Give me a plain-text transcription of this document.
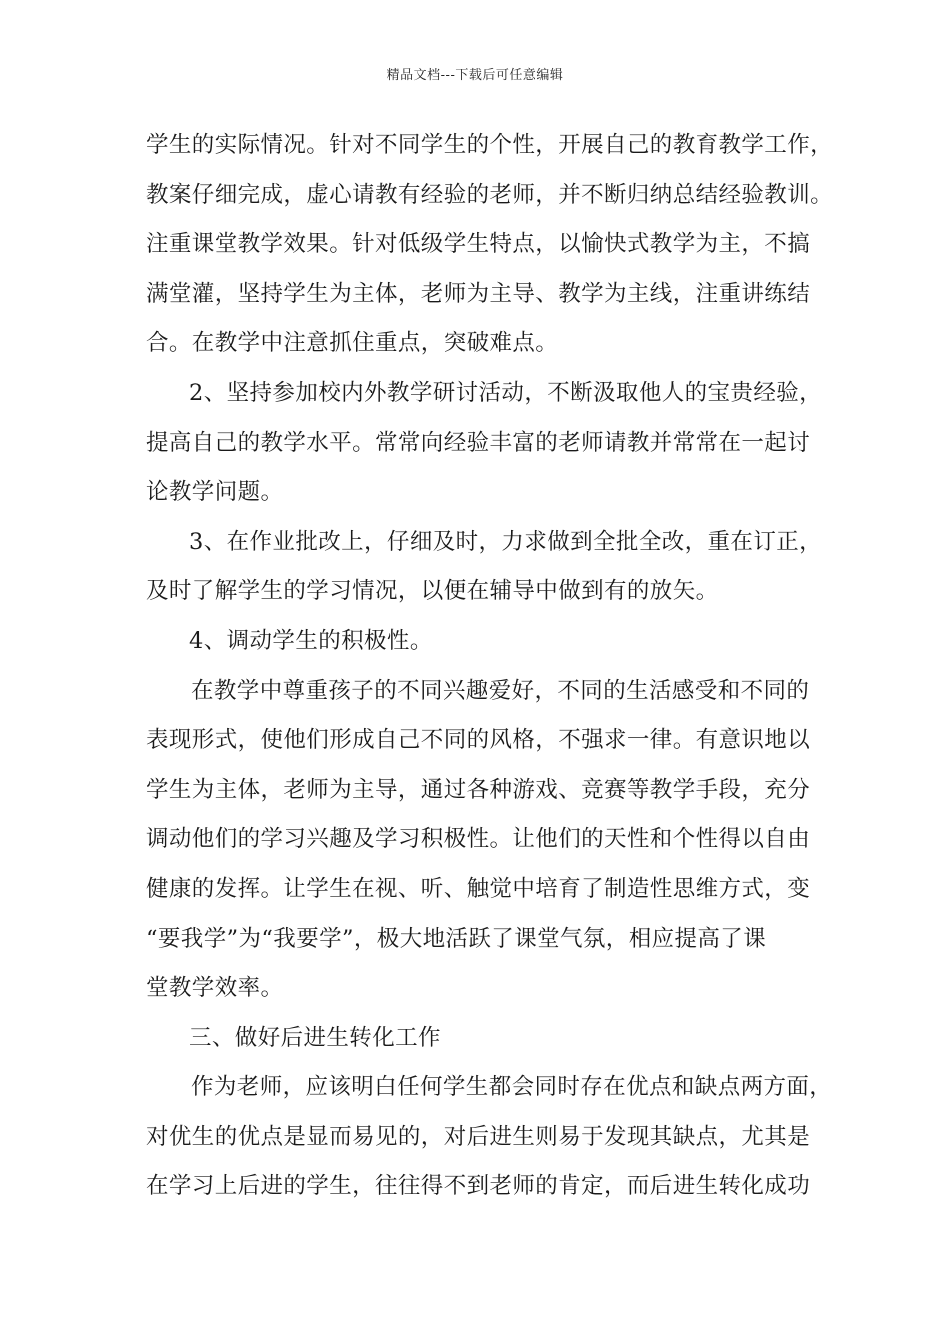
精品文档---下载后可任意编辑
学生的实际情况。针对不同学生的个性，开展自己的教育教学工作，
教案仔细完成，虚心请教有经验的老师，并不断归纳总结经验教训。
注重课堂教学效果。针对低级学生特点，以愉快式教学为主，不搞
满堂灌，坚持学生为主体，老师为主导、教学为主线，注重讲练结
合。在教学中注意抓住重点，突破难点。
2、坚持参加校内外教学研讨活动，不断汲取他人的宝贵经验，
提高自己的教学水平。常常向经验丰富的老师请教并常常在一起讨
论教学问题。
3、在作业批改上，仔细及时，力求做到全批全改，重在订正，
及时了解学生的学习情况，以便在辅导中做到有的放矢。
4、调动学生的积极性。
在教学中尊重孩子的不同兴趣爱好，不同的生活感受和不同的
表现形式，使他们形成自己不同的风格，不强求一律。有意识地以
学生为主体，老师为主导，通过各种游戏、竞赛等教学手段，充分
调动他们的学习兴趣及学习积极性。让他们的天性和个性得以自由
健康的发挥。让学生在视、听、触觉中培育了制造性思维方式，变
“要我学”为“我要学”，极大地活跃了课堂气氛，相应提高了课
堂教学效率。
三、做好后进生转化工作
作为老师，应该明白任何学生都会同时存在优点和缺点两方面，
对优生的优点是显而易见的，对后进生则易于发现其缺点，尤其是
在学习上后进的学生，往往得不到老师的肯定，而后进生转化成功
